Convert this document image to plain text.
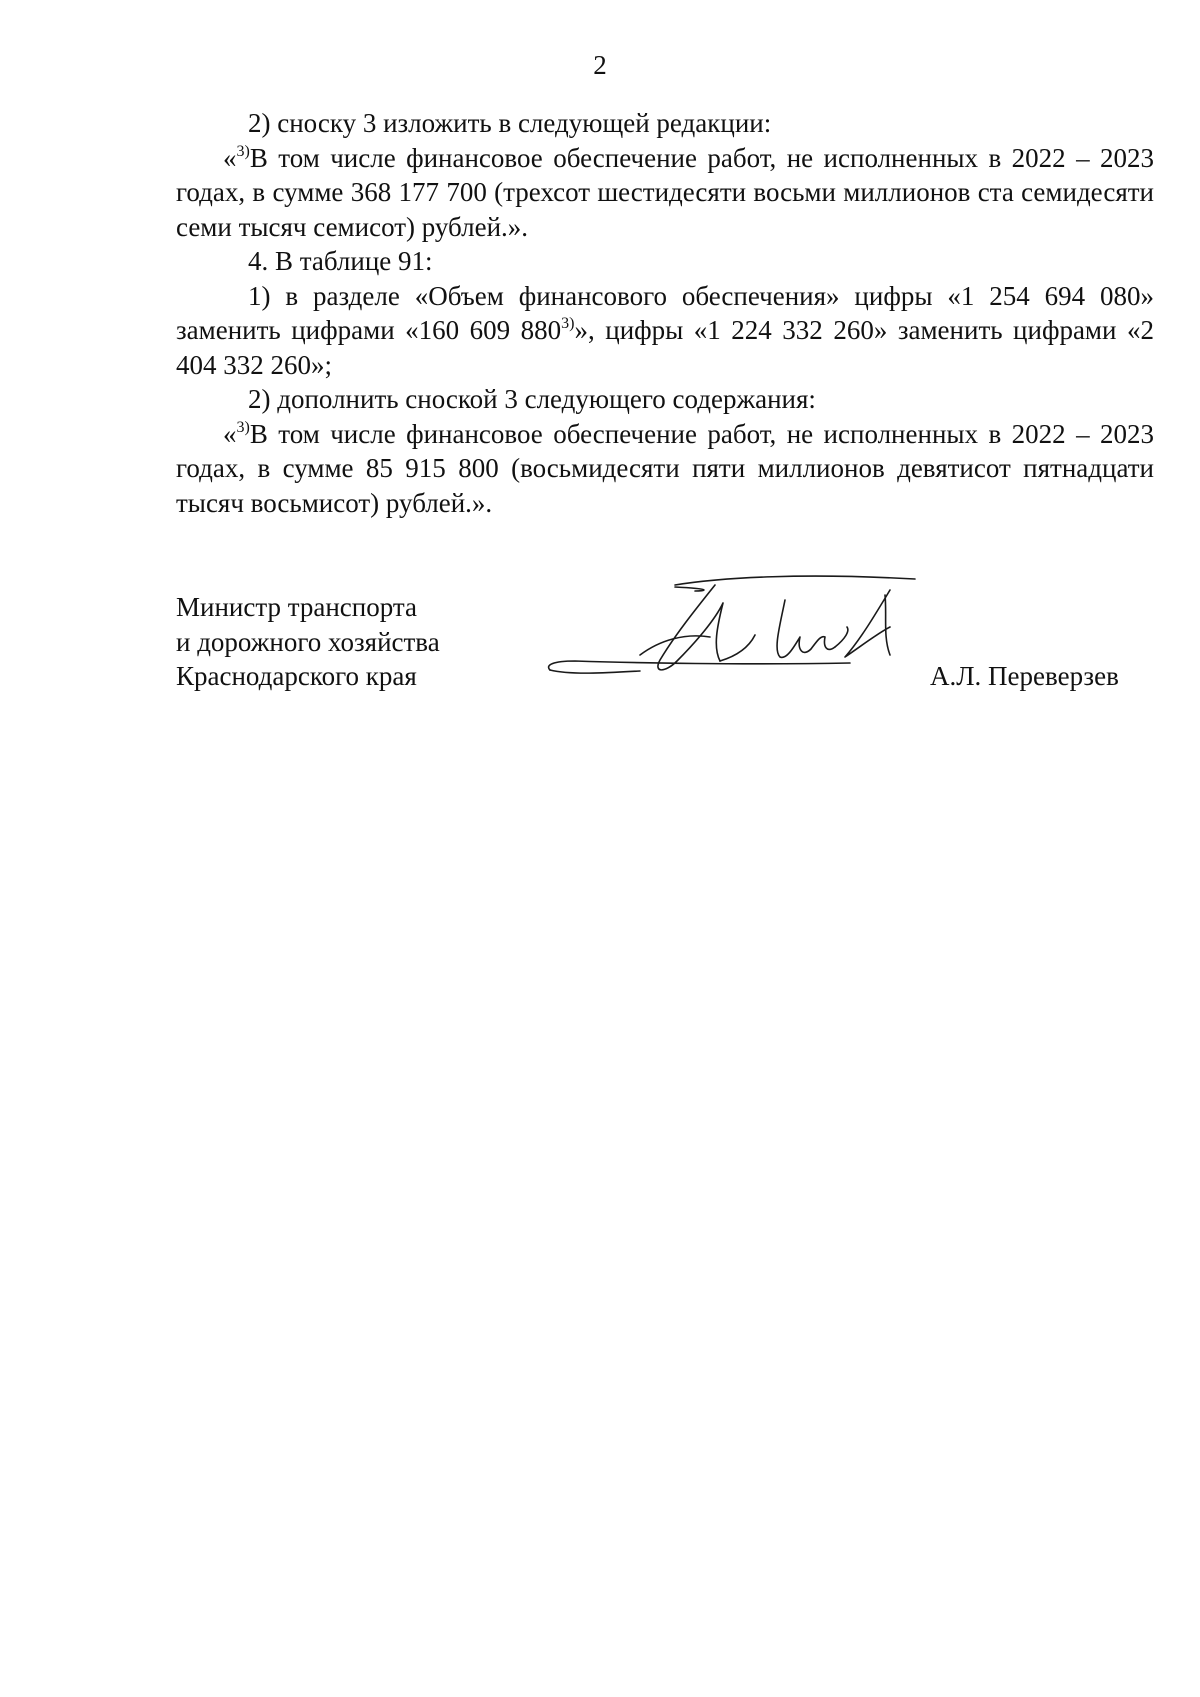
2

2) сноску 3 изложить в следующей редакции:

«$^{3)}$В том числе финансовое обеспечение работ, не исполненных в 2022 – 2023 годах, в сумме 368 177 700 (трехсот шестидесяти восьми миллионов ста семидесяти семи тысяч семисот) рублей.».

4. В таблице 91:

1) в разделе «Объем финансового обеспечения» цифры «1 254 694 080» заменить цифрами «160 609 880$^{3)}$», цифры «1 224 332 260» заменить цифрами «2 404 332 260»;

2) дополнить сноской 3 следующего содержания:

«$^{3)}$В том числе финансовое обеспечение работ, не исполненных в 2022 – 2023 годах, в сумме 85 915 800 (восьмидесяти пяти миллионов девятисот пятнадцати тысяч восьмисот) рублей.».

Министр транспорта
и дорожного хозяйства
Краснодарского края	А.Л. Переверзев
